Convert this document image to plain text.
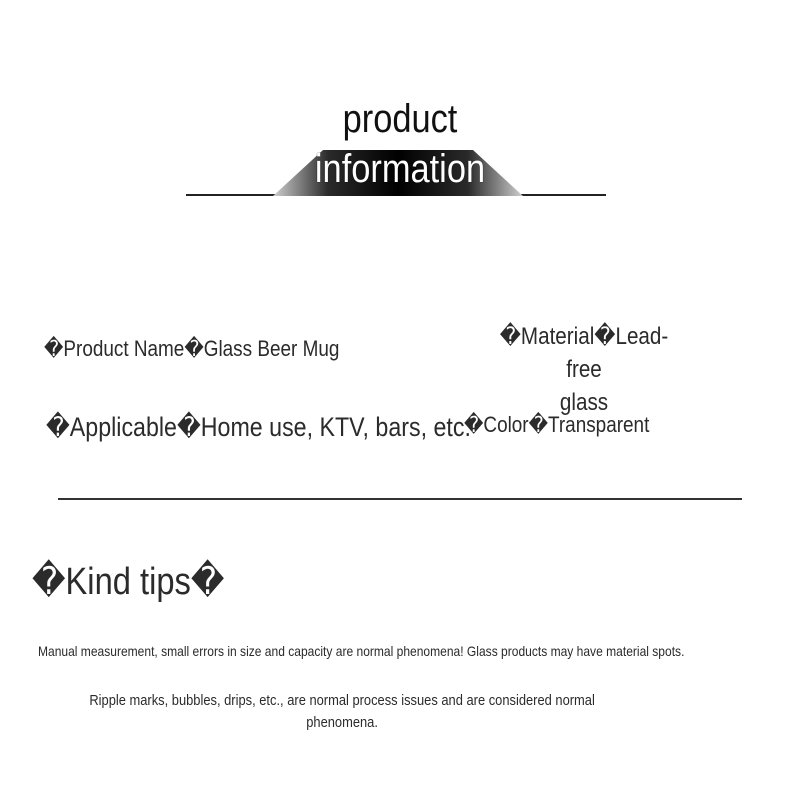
product
information
�Product Name�Glass Beer Mug	�Material�Lead-free
glass
�Applicable�Home use, KTV, bars, etc.
�Color�Transparent
�Kind tips�
Manual measurement, small errors in size and capacity are normal phenomena! Glass products may have material spots.
Ripple marks, bubbles, drips, etc., are normal process issues and are considered normal phenomena.
